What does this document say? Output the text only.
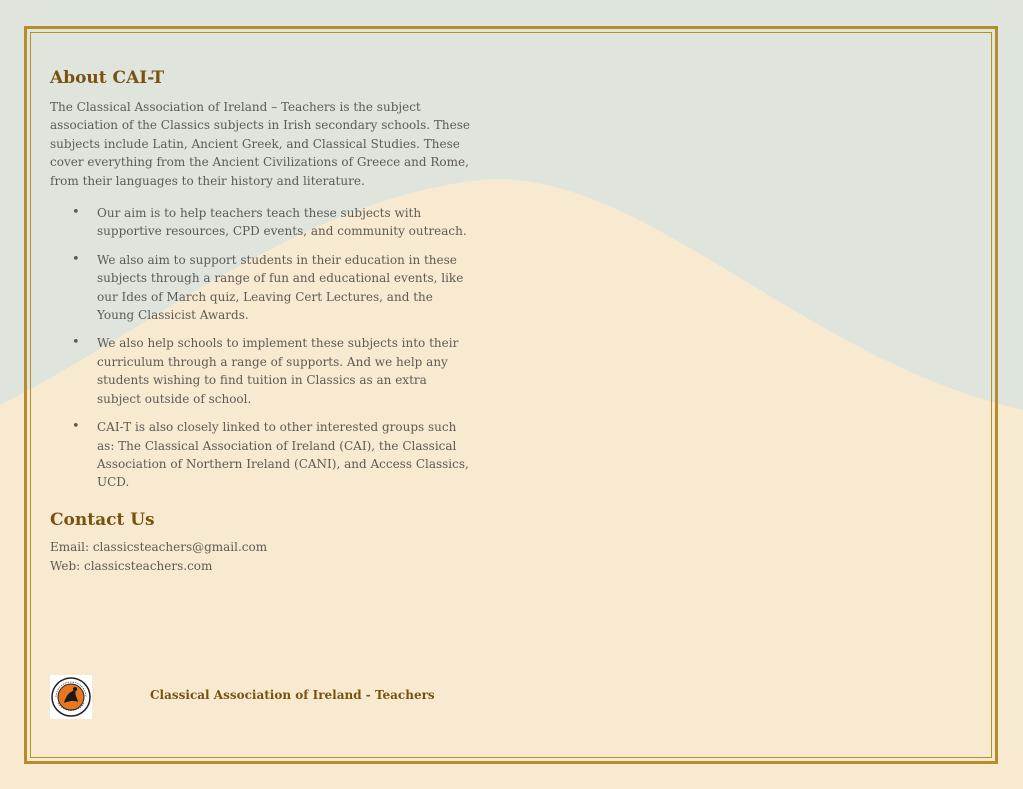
About CAI-T

The Classical Association of Ireland – Teachers is the subject association of the Classics subjects in Irish secondary schools. These subjects include Latin, Ancient Greek, and Classical Studies. These cover everything from the Ancient Civilizations of Greece and Rome, from their languages to their history and literature.

• Our aim is to help teachers teach these subjects with supportive resources, CPD events, and community outreach.
• We also aim to support students in their education in these subjects through a range of fun and educational events, like our Ides of March quiz, Leaving Cert Lectures, and the Young Classicist Awards.
• We also help schools to implement these subjects into their curriculum through a range of supports. And we help any students wishing to find tuition in Classics as an extra subject outside of school.
• CAI-T is also closely linked to other interested groups such as: The Classical Association of Ireland (CAI), the Classical Association of Northern Ireland (CANI), and Access Classics, UCD.
Contact Us
Email: classicsteachers@gmail.com
Web: classicsteachers.com
Classical Association of Ireland - Teachers
